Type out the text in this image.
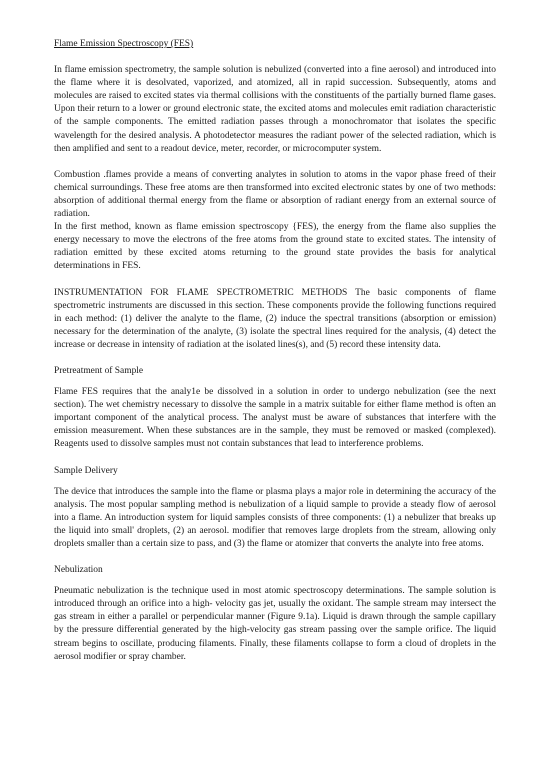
Flame Emission Spectroscopy (FES)

In flame emission spectrometry, the sample solution is nebulized (converted into a fine aerosol) and introduced into the flame where it is desolvated, vaporized, and atomized, all in rapid succession. Subsequently, atoms and molecules are raised to excited states via thermal collisions with the constituents of the partially burned flame gases. Upon their return to a lower or ground electronic state, the excited atoms and molecules emit radiation characteristic of the sample components. The emitted radiation passes through a monochromator that isolates the specific wavelength for the desired analysis. A photodetector measures the radiant power of the selected radiation, which is then amplified and sent to a readout device, meter, recorder, or microcomputer system.

Combustion .flames provide a means of converting analytes in solution to atoms in the vapor phase freed of their chemical surroundings. These free atoms are then transformed into excited electronic states by one of two methods: absorption of additional thermal energy from the flame or absorption of radiant energy from an external source of radiation.

In the first method, known as flame emission spectroscopy {FES), the energy from the flame also supplies the energy necessary to move the electrons of the free atoms from the ground state to excited states. The intensity of radiation emitted by these excited atoms returning to the ground state provides the basis for analytical determinations in FES.

INSTRUMENTATION FOR FLAME SPECTROMETRIC METHODS The basic components of flame spectrometric instruments are discussed in this section. These components provide the following functions required in each method: (1) deliver the analyte to the flame, (2) induce the spectral transitions (absorption or emission) necessary for the determination of the analyte, (3) isolate the spectral lines required for the analysis, (4) detect the increase or decrease in intensity of radiation at the isolated lines(s), and (5) record these intensity data.

Pretreatment of Sample

Flame FES requires that the analy1e be dissolved in a solution in order to undergo nebulization (see the next section). The wet chemistry necessary to dissolve the sample in a matrix suitable for either flame method is often an important component of the analytical process. The analyst must be aware of substances that interfere with the emission measurement. When these substances are in the sample, they must be removed or masked (complexed). Reagents used to dissolve samples must not contain substances that lead to interference problems.

Sample Delivery

The device that introduces the sample into the flame or plasma plays a major role in determining the accuracy of the analysis. The most popular sampling method is nebulization of a liquid sample to provide a steady flow of aerosol into a flame. An introduction system for liquid samples consists of three components: (1) a nebulizer that breaks up the liquid into small' droplets, (2) an aerosol. modifier that removes large droplets from the stream, allowing only droplets smaller than a certain size to pass, and (3) the flame or atomizer that converts the analyte into free atoms.

Nebulization

Pneumatic nebulization is the technique used in most atomic spectroscopy determinations. The sample solution is introduced through an orifice into a high- velocity gas jet, usually the oxidant. The sample stream may intersect the gas stream in either a parallel or perpendicular manner (Figure 9.1a). Liquid is drawn through the sample capillary by the pressure differential generated by the high-velocity gas stream passing over the sample orifice. The liquid stream begins to oscillate, producing filaments. Finally, these filaments collapse to form a cloud of droplets in the aerosol modifier or spray chamber.
